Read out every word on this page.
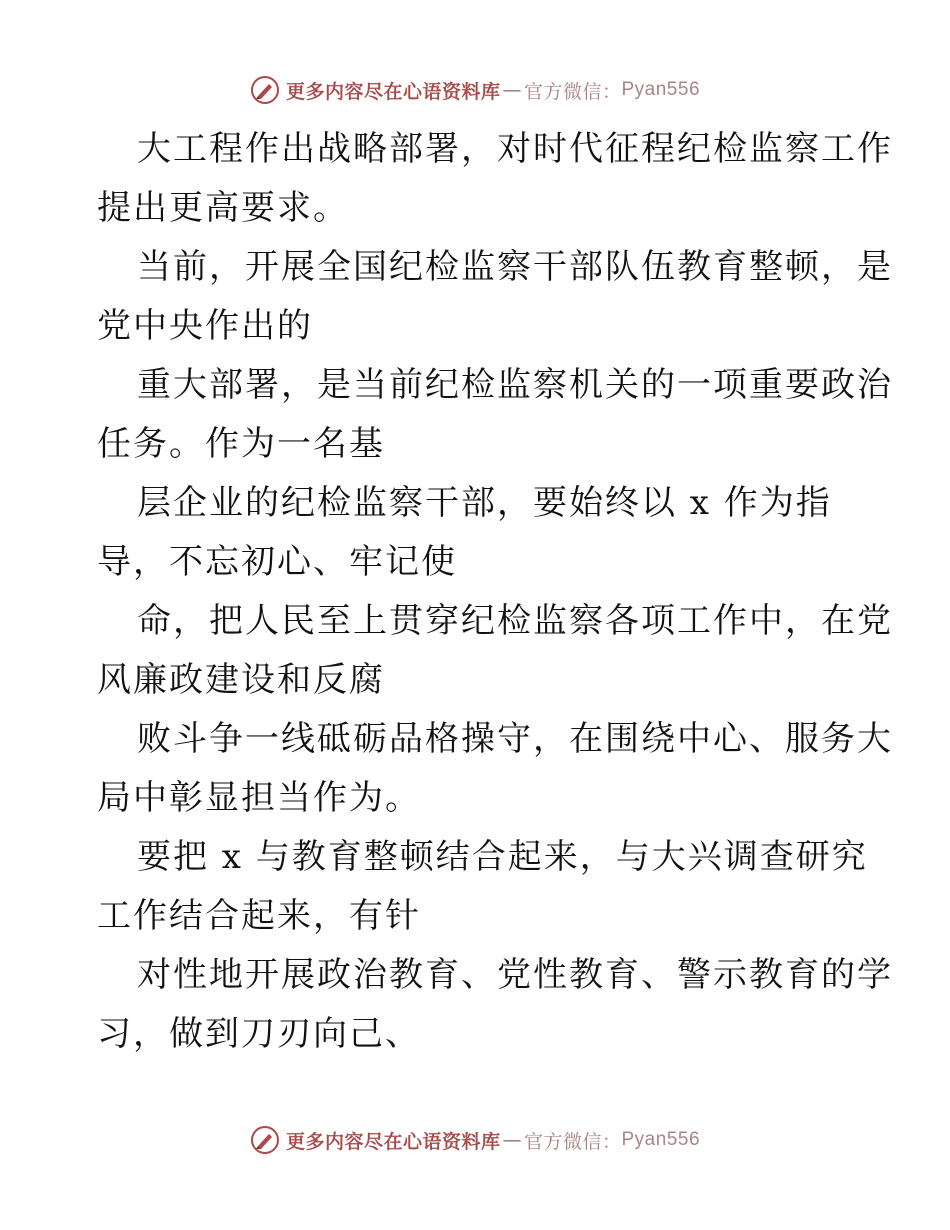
更多内容尽在心语资料库 — 官方微信： Pyan556

大工程作出战略部署，对时代征程纪检监察工作
提出更高要求。

当前，开展全国纪检监察干部队伍教育整顿，是
党中央作出的

重大部署，是当前纪检监察机关的一项重要政治
任务。作为一名基

层企业的纪检监察干部，要始终以 x 作为指
导，不忘初心、牢记使

命，把人民至上贯穿纪检监察各项工作中，在党
风廉政建设和反腐

败斗争一线砥砺品格操守，在围绕中心、服务大
局中彰显担当作为。

要把 x 与教育整顿结合起来，与大兴调查研究
工作结合起来，有针

对性地开展政治教育、党性教育、警示教育的学
习，做到刀刃向己、

更多内容尽在心语资料库 — 官方微信： Pyan556
